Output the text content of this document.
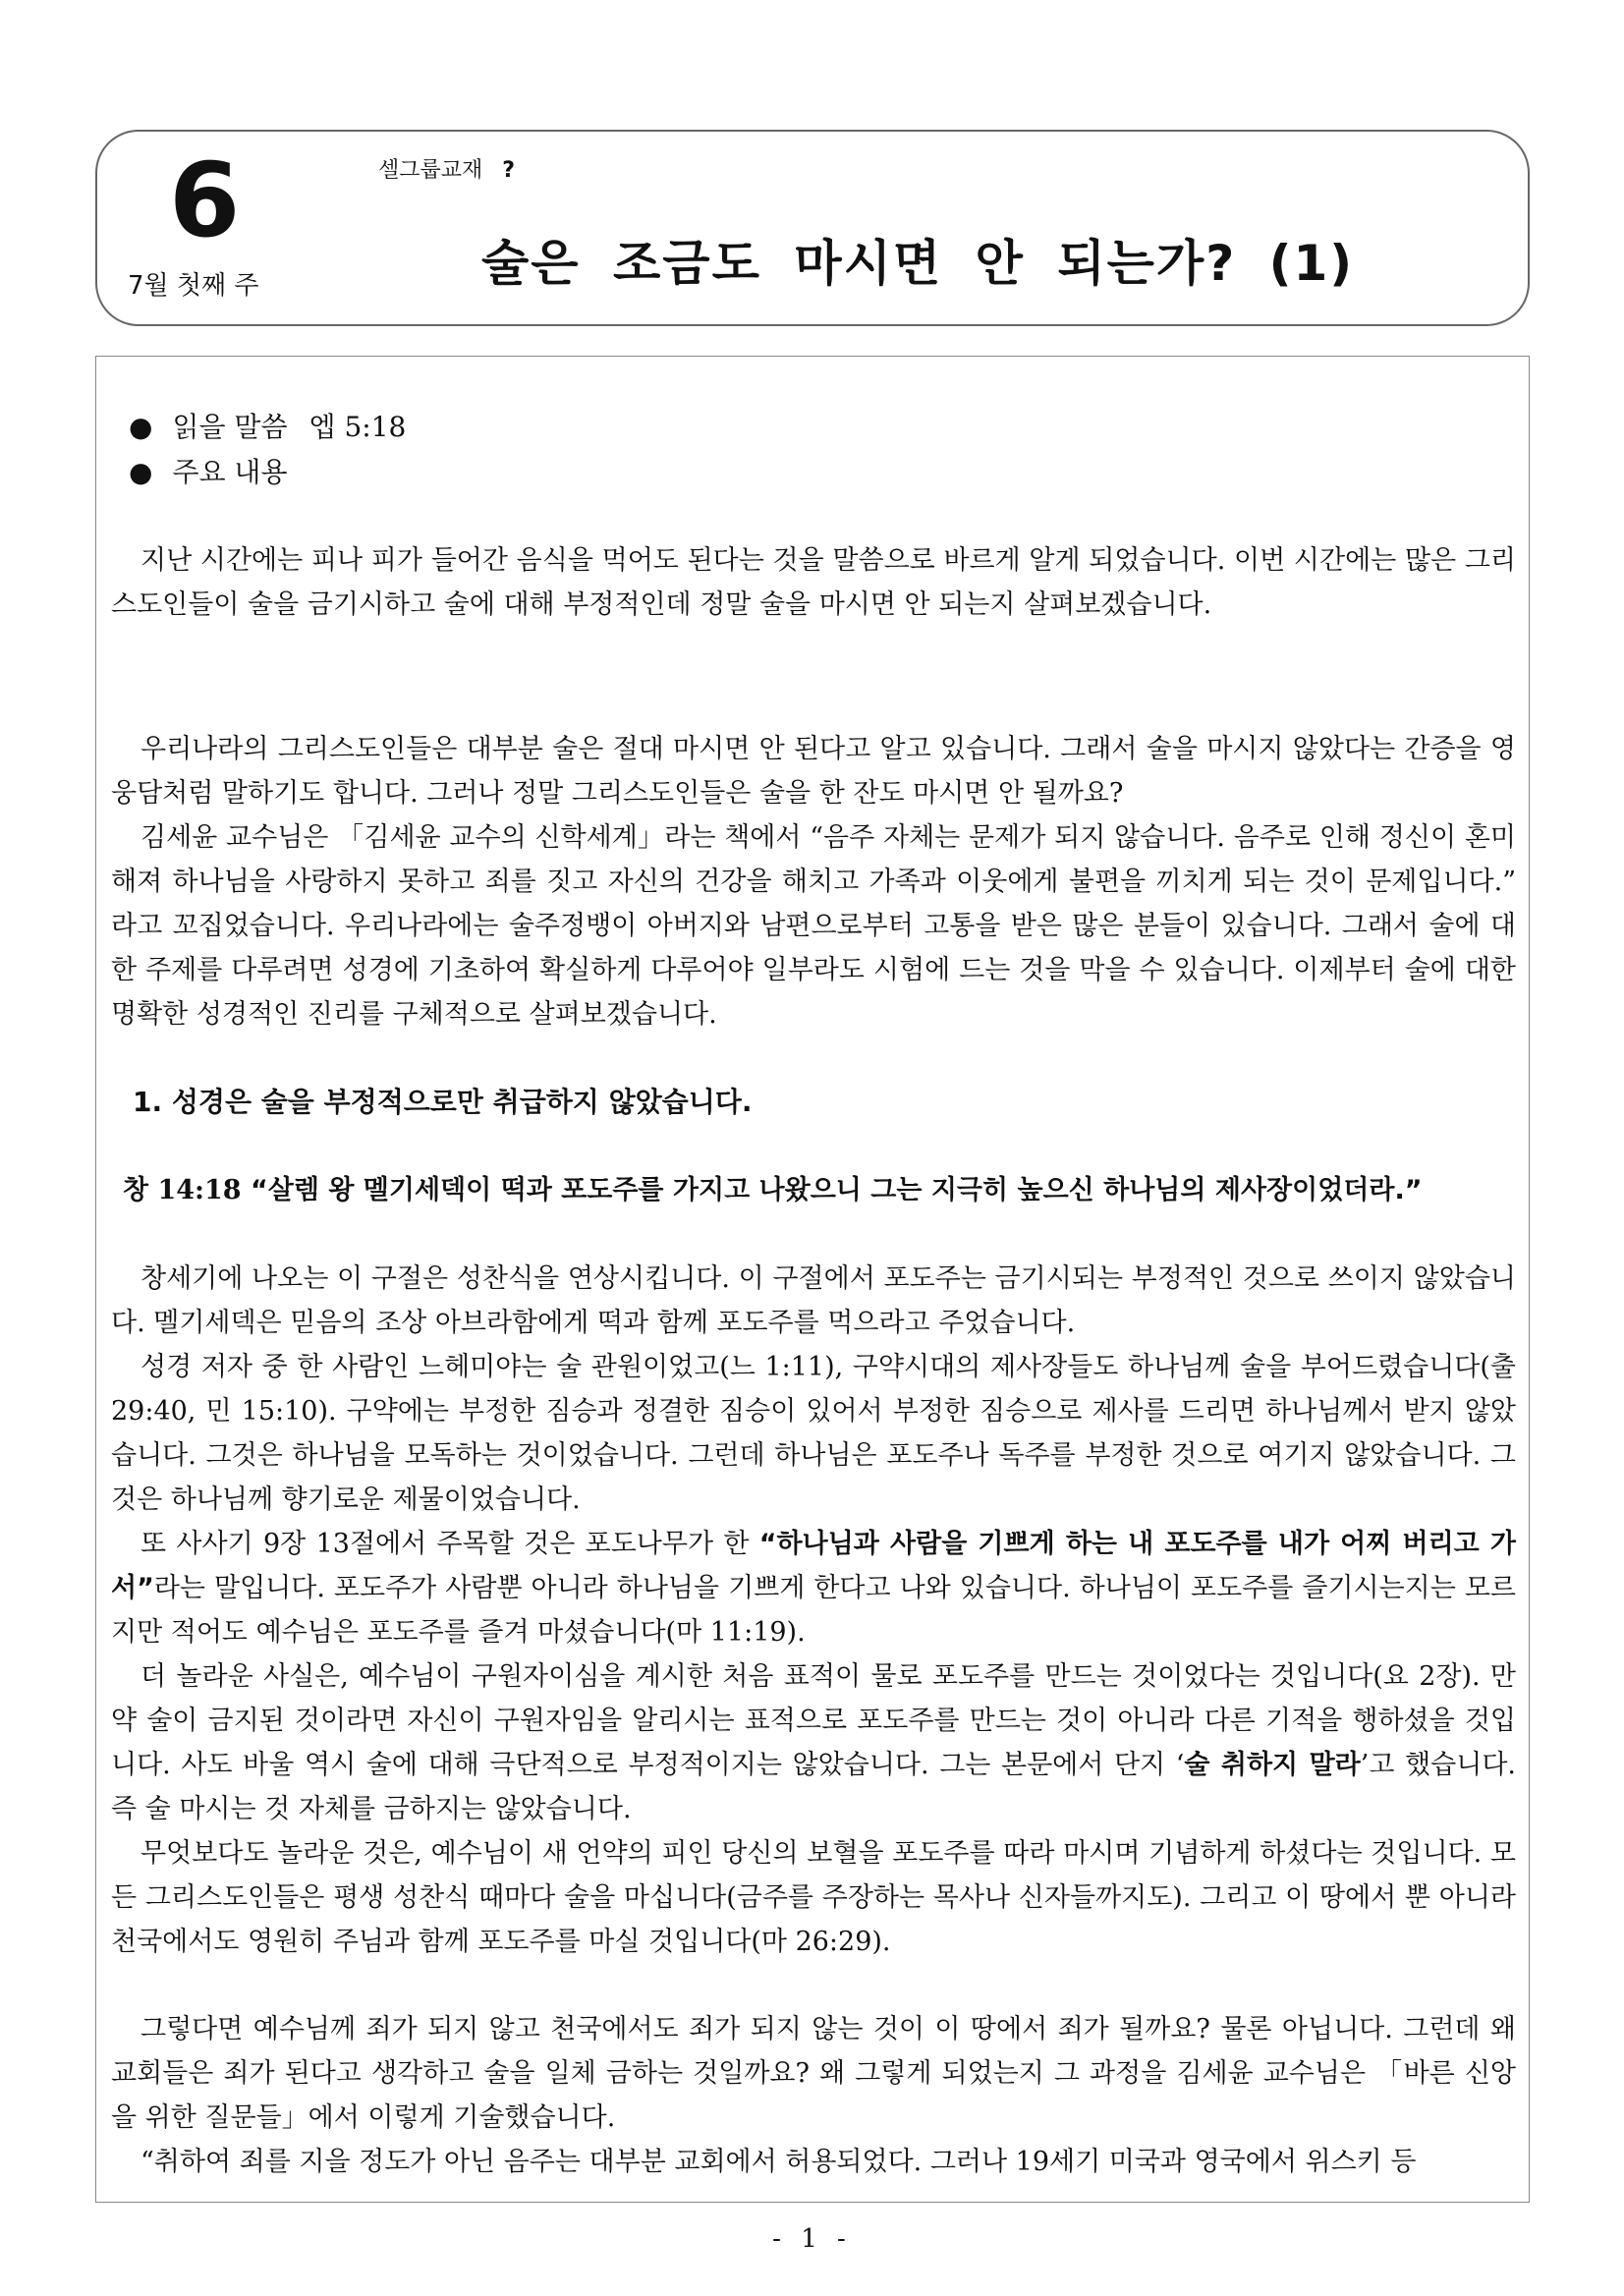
6
7월 첫째 주
셀그룹교재 ?
술은 조금도 마시면 안 되는가? (1)
● 읽을 말씀 엡 5:18
● 주요 내용

지난 시간에는 피나 피가 들어간 음식을 먹어도 된다는 것을 말씀으로 바르게 알게 되었습니다. 이번 시간에는 많은 그리스도인들이 술을 금기시하고 술에 대해 부정적인데 정말 술을 마시면 안 되는지 살펴보겠습니다.

우리나라의 그리스도인들은 대부분 술은 절대 마시면 안 된다고 알고 있습니다. 그래서 술을 마시지 않았다는 간증을 영웅담처럼 말하기도 합니다. 그러나 정말 그리스도인들은 술을 한 잔도 마시면 안 될까요?

김세윤 교수님은 「김세윤 교수의 신학세계」라는 책에서 “음주 자체는 문제가 되지 않습니다. 음주로 인해 정신이 혼미해져 하나님을 사랑하지 못하고 죄를 짓고 자신의 건강을 해치고 가족과 이웃에게 불편을 끼치게 되는 것이 문제입니다.” 라고 꼬집었습니다. 우리나라에는 술주정뱅이 아버지와 남편으로부터 고통을 받은 많은 분들이 있습니다. 그래서 술에 대한 주제를 다루려면 성경에 기초하여 확실하게 다루어야 일부라도 시험에 드는 것을 막을 수 있습니다. 이제부터 술에 대한 명확한 성경적인 진리를 구체적으로 살펴보겠습니다.

1. 성경은 술을 부정적으로만 취급하지 않았습니다.
창 14:18 “살렘 왕 멜기세덱이 떡과 포도주를 가지고 나왔으니 그는 지극히 높으신 하나님의 제사장이었더라.”

창세기에 나오는 이 구절은 성찬식을 연상시킵니다. 이 구절에서 포도주는 금기시되는 부정적인 것으로 쓰이지 않았습니다. 멜기세덱은 믿음의 조상 아브라함에게 떡과 함께 포도주를 먹으라고 주었습니다.

성경 저자 중 한 사람인 느헤미야는 술 관원이었고(느 1:11), 구약시대의 제사장들도 하나님께 술을 부어드렸습니다(출 29:40, 민 15:10). 구약에는 부정한 짐승과 정결한 짐승이 있어서 부정한 짐승으로 제사를 드리면 하나님께서 받지 않았습니다. 그것은 하나님을 모독하는 것이었습니다. 그런데 하나님은 포도주나 독주를 부정한 것으로 여기지 않았습니다. 그것은 하나님께 향기로운 제물이었습니다.

또 사사기 9장 13절에서 주목할 것은 포도나무가 한 “하나님과 사람을 기쁘게 하는 내 포도주를 내가 어찌 버리고 가서”라는 말입니다. 포도주가 사람뿐 아니라 하나님을 기쁘게 한다고 나와 있습니다. 하나님이 포도주를 즐기시는지는 모르지만 적어도 예수님은 포도주를 즐겨 마셨습니다(마 11:19).

더 놀라운 사실은, 예수님이 구원자이심을 계시한 처음 표적이 물로 포도주를 만드는 것이었다는 것입니다(요 2장). 만약 술이 금지된 것이라면 자신이 구원자임을 알리시는 표적으로 포도주를 만드는 것이 아니라 다른 기적을 행하셨을 것입니다. 사도 바울 역시 술에 대해 극단적으로 부정적이지는 않았습니다. 그는 본문에서 단지 ‘술 취하지 말라’고 했습니다. 즉 술 마시는 것 자체를 금하지는 않았습니다.

무엇보다도 놀라운 것은, 예수님이 새 언약의 피인 당신의 보혈을 포도주를 따라 마시며 기념하게 하셨다는 것입니다. 모든 그리스도인들은 평생 성찬식 때마다 술을 마십니다(금주를 주장하는 목사나 신자들까지도). 그리고 이 땅에서 뿐 아니라 천국에서도 영원히 주님과 함께 포도주를 마실 것입니다(마 26:29).

그렇다면 예수님께 죄가 되지 않고 천국에서도 죄가 되지 않는 것이 이 땅에서 죄가 될까요? 물론 아닙니다. 그런데 왜 교회들은 죄가 된다고 생각하고 술을 일체 금하는 것일까요? 왜 그렇게 되었는지 그 과정을 김세윤 교수님은 「바른 신앙을 위한 질문들」에서 이렇게 기술했습니다.

“취하여 죄를 지을 정도가 아닌 음주는 대부분 교회에서 허용되었다. 그러나 19세기 미국과 영국에서 위스키 등

- 1 -
